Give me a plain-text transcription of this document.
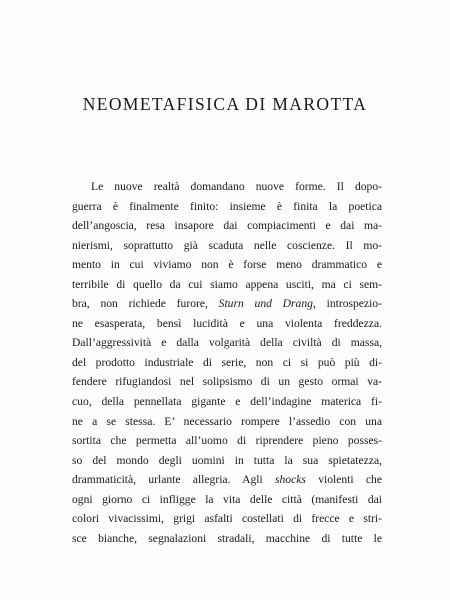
NEOMETAFISICA DI MAROTTA
Le nuove realtà domandano nuove forme. Il dopo-
guerra è finalmente finito: insieme è finita la poetica
dell’angoscia, resa insapore dai compiacimenti e dai ma-
nierismi, soprattutto già scaduta nelle coscienze. Il mo-
mento in cui viviamo non è forse meno drammatico e
terribile di quello da cui siamo appena usciti, ma ci sem-
bra, non richiede furore, Sturn und Drang, introspezio-
ne esasperata, bensì lucidità e una violenta freddezza.
Dall’aggressività e dalla volgarità della civiltà di massa,
del prodotto industriale di serie, non ci si può più di-
fendere rifugiandosi nel solipsismo di un gesto ormai va-
cuo, della pennellata gigante e dell’indagine materica fi-
ne a se stessa. E’ necessario rompere l’assedio con una
sortita che permetta all’uomo di riprendere pieno posses-
so del mondo degli uomini in tutta la sua spietatezza,
drammaticità, urlante allegria. Agli shocks violenti che
ogni giorno ci infligge la vita delle città (manifesti dai
colori vivacissimi, grigi asfalti costellati di frecce e stri-
sce bianche, segnalazioni stradali, macchine di tutte le
